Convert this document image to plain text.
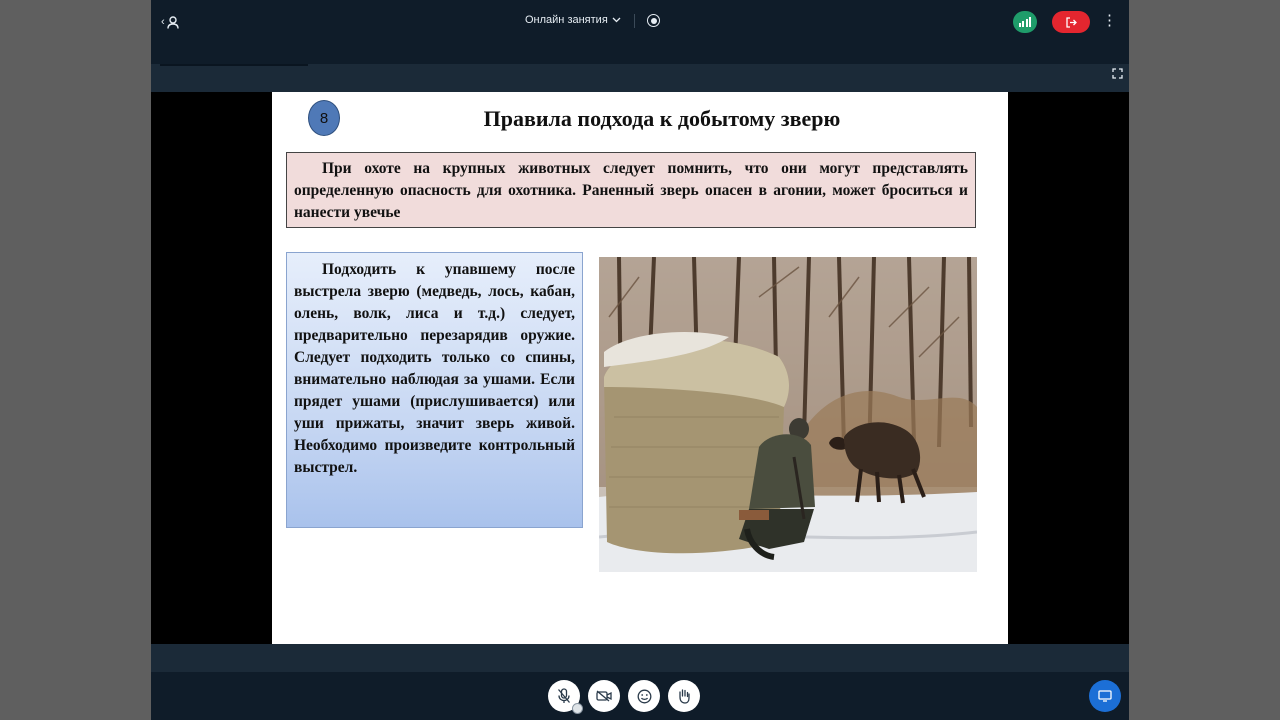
‹	Онлайн занятия	⋮
8	Правила подхода к добытому зверю
При охоте на крупных животных следует помнить, что они могут представлять определенную опасность для охотника. Раненный зверь опасен в агонии, может броситься и нанести увечье
Подходить к упавшему после выстрела зверю (медведь, лось, кабан, олень, волк, лиса и т.д.) следует, предварительно перезарядив оружие. Следует подходить только со спины, внимательно наблюдая за ушами. Если прядет ушами (прислушивается) или уши прижаты, значит зверь живой. Необходимо произведите контрольный выстрел.
